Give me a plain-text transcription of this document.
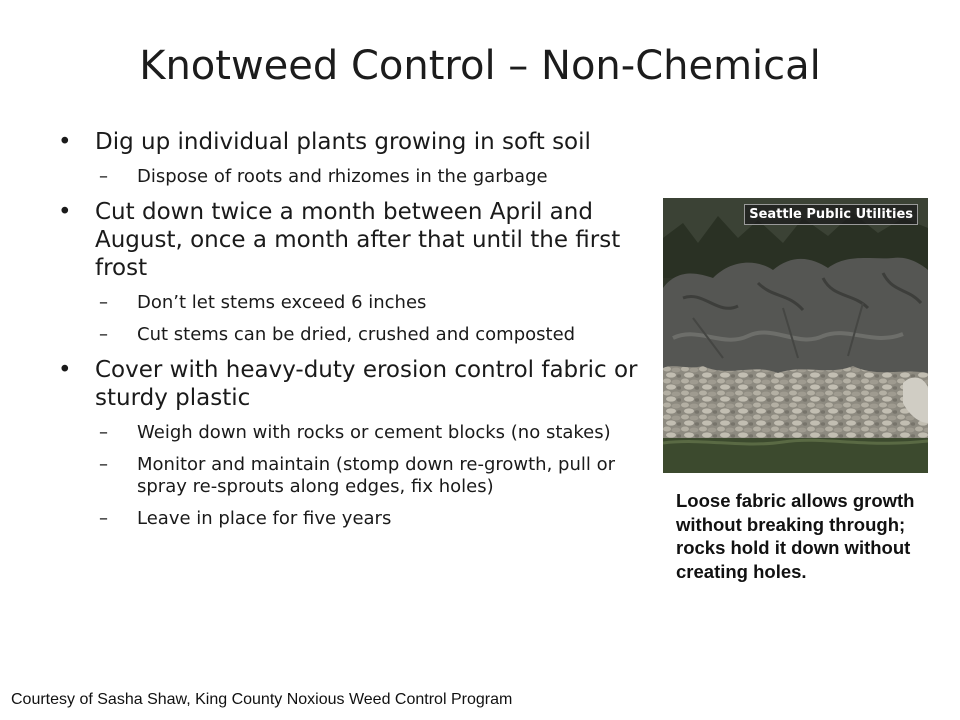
Knotweed Control – Non-Chemical
• Dig up individual plants growing in soft soil
– Dispose of roots and rhizomes in the garbage
• Cut down twice a month between April and August, once a month after that until the first frost
– Don’t let stems exceed 6 inches
– Cut stems can be dried, crushed and composted
• Cover with heavy-duty erosion control fabric or sturdy plastic
– Weigh down with rocks or cement blocks (no stakes)
– Monitor and maintain (stomp down re-growth, pull or spray re-sprouts along edges, fix holes)
– Leave in place for five years
Seattle Public Utilities
Loose fabric allows growth without breaking through; rocks hold it down without creating holes.
Courtesy of Sasha Shaw, King County Noxious Weed Control Program
